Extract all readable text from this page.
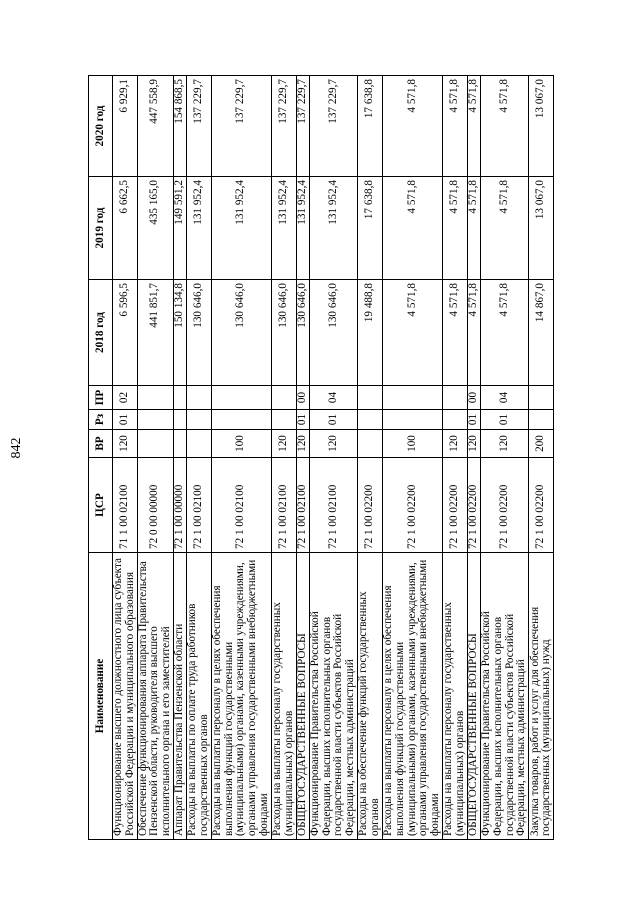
842
Наименование	ЦСР	ВР	Рз	ПР	2018 год	2019 год	2020 год
Функционирование высшего должностного лица субъекта Российской Федерации и муниципального образования	71 1 00 02100	120	01	02	6 596,5	6 662,5	6 929,1
Обеспечение функционирования аппарата Правительства Пензенской области, руководителя высшего исполнительного органа и его заместителей	72 0 00 00000				441 851,7	435 165,0	447 558,9
Аппарат Правительства Пензенской области	72 1 00 00000				150 134,8	149 591,2	154 868,5
Расходы на выплаты по оплате труда работников государственных органов	72 1 00 02100				130 646,0	131 952,4	137 229,7
Расходы на выплаты персоналу в целях обеспечения выполнения функций государственными (муниципальными) органами, казенными учреждениями, органами управления государственными внебюджетными фондами	72 1 00 02100	100			130 646,0	131 952,4	137 229,7
Расходы на выплаты персоналу государственных (муниципальных) органов	72 1 00 02100	120			130 646,0	131 952,4	137 229,7
ОБЩЕГОСУДАРСТВЕННЫЕ ВОПРОСЫ	72 1 00 02100	120	01	00	130 646,0	131 952,4	137 229,7
Функционирование Правительства Российской Федерации, высших исполнительных органов государственной власти субъектов Российской Федерации, местных администраций	72 1 00 02100	120	01	04	130 646,0	131 952,4	137 229,7
Расходы на обеспечение функций государственных органов	72 1 00 02200				19 488,8	17 638,8	17 638,8
Расходы на выплаты персоналу в целях обеспечения выполнения функций государственными (муниципальными) органами, казенными учреждениями, органами управления государственными внебюджетными фондами	72 1 00 02200	100			4 571,8	4 571,8	4 571,8
Расходы на выплаты персоналу государственных (муниципальных) органов	72 1 00 02200	120			4 571,8	4 571,8	4 571,8
ОБЩЕГОСУДАРСТВЕННЫЕ ВОПРОСЫ	72 1 00 02200	120	01	00	4 571,8	4 571,8	4 571,8
Функционирование Правительства Российской Федерации, высших исполнительных органов государственной власти субъектов Российской Федерации, местных администраций	72 1 00 02200	120	01	04	4 571,8	4 571,8	4 571,8
Закупка товаров, работ и услуг для обеспечения государственных (муниципальных) нужд	72 1 00 02200	200			14 867,0	13 067,0	13 067,0
